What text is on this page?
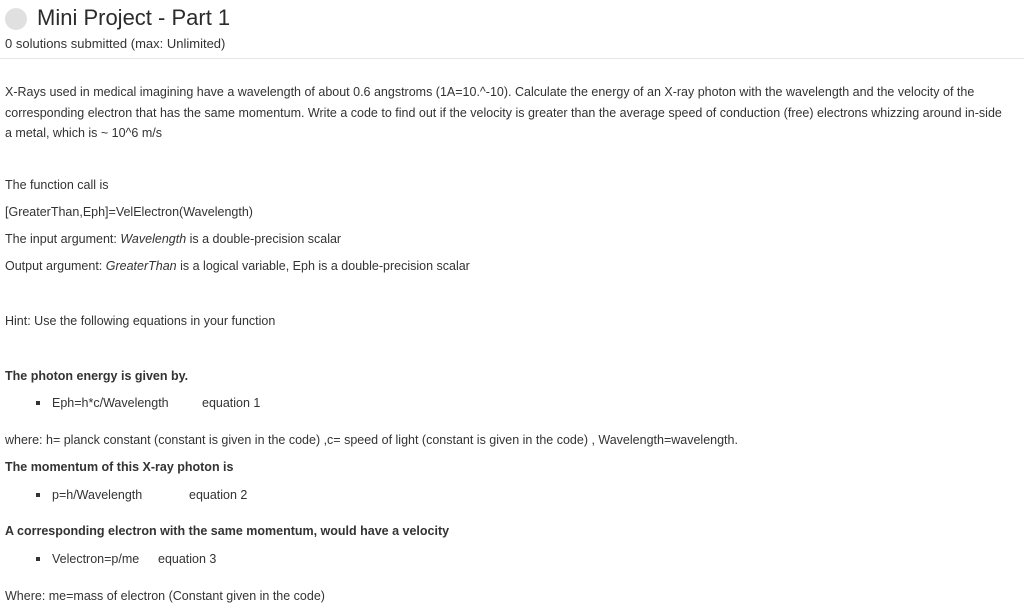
Mini Project - Part 1
0 solutions submitted (max: Unlimited)
X-Rays used in medical imagining have a wavelength of about 0.6 angstroms (1A=10.^-10). Calculate the energy of an X-ray photon with the wavelength and the velocity of the corresponding electron that has the same momentum. Write a code to find out if the velocity is greater than the average speed of conduction (free) electrons whizzing around in-side a metal, which is ~ 10^6 m/s
The function call is
[GreaterThan,Eph]=VelElectron(Wavelength)
The input argument: Wavelength is a double-precision scalar
Output argument: GreaterThan is a logical variable, Eph is a double-precision scalar
Hint: Use the following equations in your function
The photon energy is given by.
Eph=h*c/Wavelength	equation 1
where: h= planck constant (constant is given in the code) ,c= speed of light (constant is given in the code) , Wavelength=wavelength.
The momentum of this X-ray photon is
p=h/Wavelength	equation 2
A corresponding electron with the same momentum, would have a velocity
Velectron=p/me equation 3
Where: me=mass of electron (Constant given in the code)
